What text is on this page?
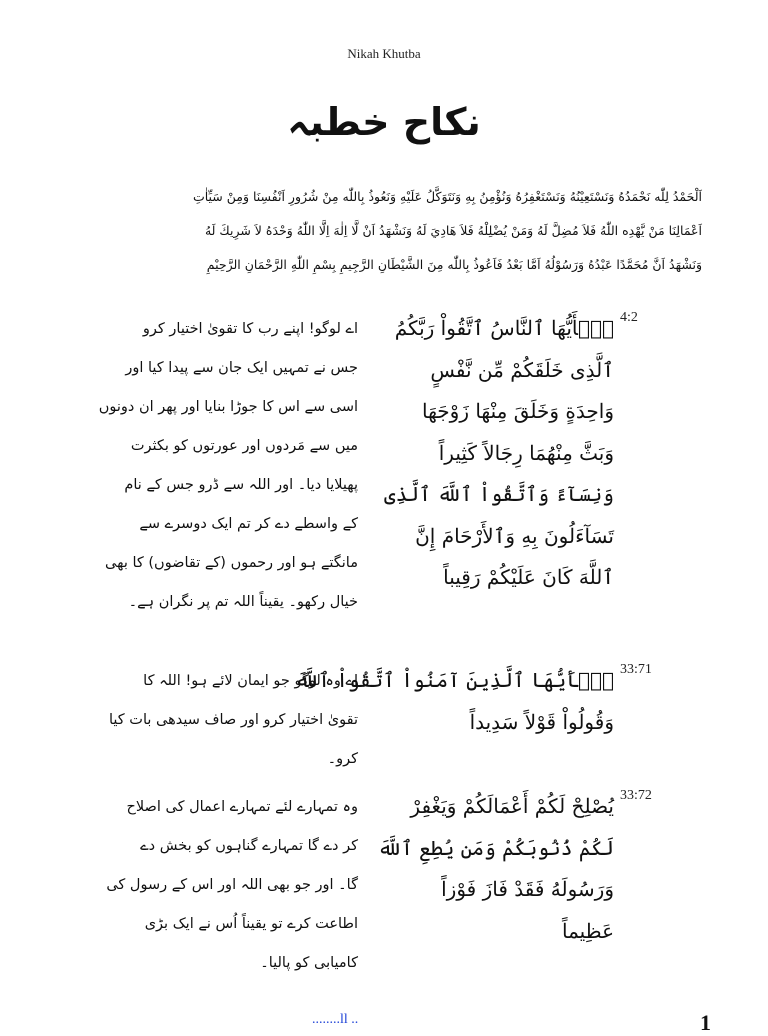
Nikah Khutba
نکاح خطبہ

اَلْحَمْدُ لِلّٰه نَحْمَدُهُ وَنَسْتَعِيْنُهُ وَنَسْتَغْفِرُهُ وَنُؤْمِنُ بِهِ وَنَتَوَكَّلُ عَلَيْهِ وَنَعُوذُ بِاللّٰه مِنْ شُرُورِ اَنْفُسِنَا وَمِنْ سَيِّاٰتِ

اَعْمَالِنَا مَنْ يَّهْدِه اللّٰهُ فَلاَ مُضِلَّ لَهُ وَمَنْ يُضْلِلْهُ فَلاَ هَادِيَ لَهُ وَنَشْهَدُ اَنْ لَّا اِلٰهَ اِلَّا اللّٰهُ وَحْدَهُ لاَ شَرِيكَ لَهُ

وَنَشْهَدُ اَنَّ مُحَمَّدًا عَبْدُهُ وَرَسُوْلُهُ اَمَّا بَعْدُ فَاَعُوذُ بِاللّٰه مِنَ الشَّيْطَانِ الرَّجِيمِ بِسْمِ اللّٰهِ الرَّحْمَانِ الرَّحِيْمِ

اے لوگو! اپنے رب کا تقویٰ اختیار کرو

جس نے تمہیں ایک جان سے پیدا کیا اور

اسی سے اس کا جوڑا بنایا اور پھر ان دونوں

میں سے مَردوں اور عورتوں کو بکثرت

پھیلایا دیا۔ اور اللہ سے ڈرو جس کے نام

کے واسطے دے کر تم ایک دوسرے سے

مانگتے ہو اور رحموں (کے تقاضوں) کا بھی

خیال رکھو۔ یقیناً اللہ تم پر نگران ہے۔

يٰۤأَيُّهَا ٱلنَّاسُ ٱتَّقُواْ رَبَّكُمُ

ٱلَّذِى خَلَقَكُمْ مِّن نَّفْسٍ

وَاحِدَةٍ وَخَلَقَ مِنْهَا زَوْجَهَا

وَبَثَّ مِنْهُمَا رِجَالاً كَثِيراً

وَنِسَآءً وَٱتَّقُواْ ٱللَّهَ ٱلَّذِى

تَسَآءَلُونَ بِهِ وَٱلأَرْحَامَ إِنَّ

ٱللَّهَ كَانَ عَلَيْكُمْ رَقِيباً

4:2

اے وہ لوگو جو ایمان لائے ہو! اللہ کا

تقویٰ اختیار کرو اور صاف سیدھی بات کیا

کرو۔

يٰۤأَيُّهَا ٱلَّذِينَ آمَنُواْ ٱتَّقُواْ ٱللَّهَ

وَقُولُواْ قَوْلاً سَدِيداً

33:71

وہ تمہارے لئے تمہارے اعمال کی اصلاح

کر دے گا تمہارے گناہوں کو بخش دے

گا۔ اور جو بھی اللہ اور اس کے رسول کی

اطاعت کرے تو یقیناً اُس نے ایک بڑی

کامیابی کو پالیا۔

يُصْلِحْ لَكُمْ أَعْمَالَكُمْ وَيَغْفِرْ

لَكُمْ ذُنُوبَكُمْ وَمَن يُطِعِ ٱللَّهَ

وَرَسُولَهُ فَقَدْ فَازَ فَوْزاً

عَظِيماً

33:72
........ll ..	1
